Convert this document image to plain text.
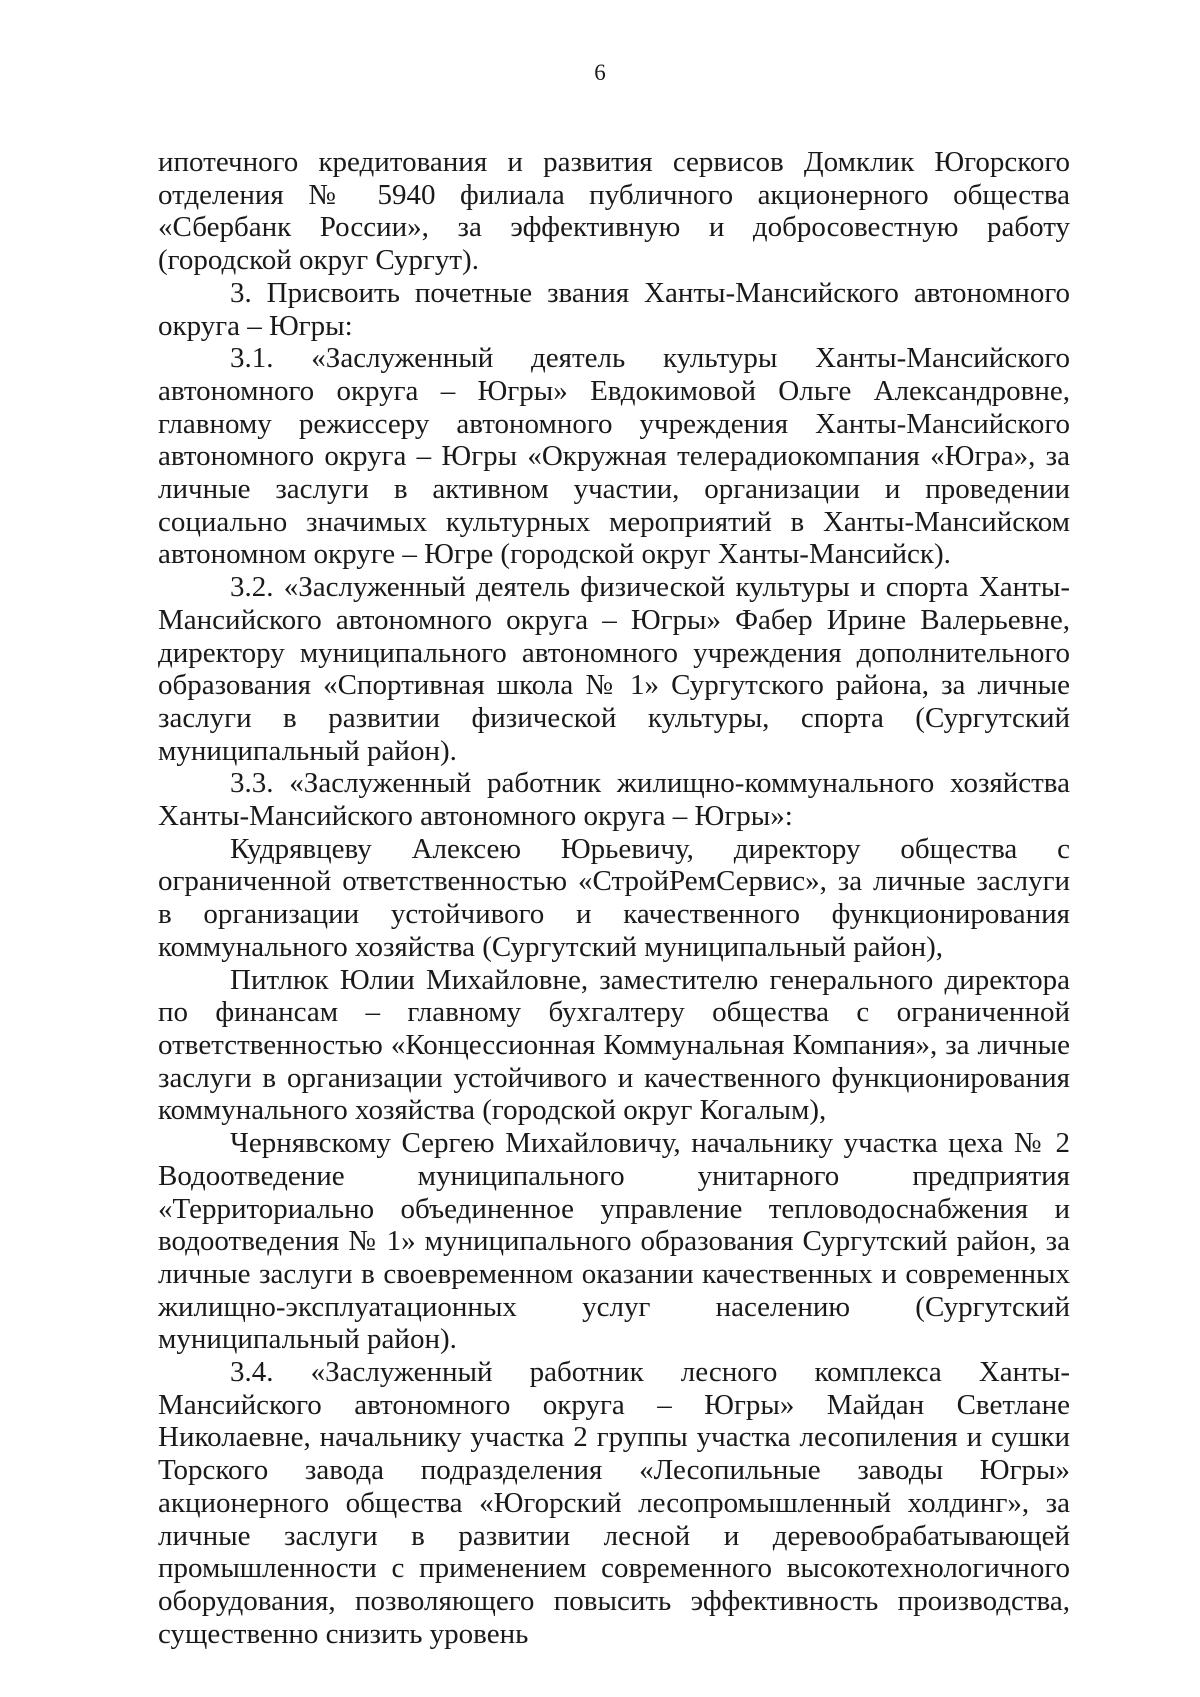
6

ипотечного кредитования и развития сервисов Домклик Югорского отделения № 5940 филиала публичного акционерного общества «Сбербанк России», за эффективную и добросовестную работу (городской округ Сургут).

3. Присвоить почетные звания Ханты-Мансийского автономного округа – Югры:

3.1. «Заслуженный деятель культуры Ханты-Мансийского автономного округа – Югры» Евдокимовой Ольге Александровне, главному режиссеру автономного учреждения Ханты-Мансийского автономного округа – Югры «Окружная телерадиокомпания «Югра», за личные заслуги в активном участии, организации и проведении социально значимых культурных мероприятий в Ханты-Мансийском автономном округе – Югре (городской округ Ханты-Мансийск).

3.2. «Заслуженный деятель физической культуры и спорта Ханты-Мансийского автономного округа – Югры» Фабер Ирине Валерьевне, директору муниципального автономного учреждения дополнительного образования «Спортивная школа № 1» Сургутского района, за личные заслуги в развитии физической культуры, спорта (Сургутский муниципальный район).

3.3. «Заслуженный работник жилищно-коммунального хозяйства Ханты-Мансийского автономного округа – Югры»:

Кудрявцеву Алексею Юрьевичу, директору общества с ограниченной ответственностью «СтройРемСервис», за личные заслуги в организации устойчивого и качественного функционирования коммунального хозяйства (Сургутский муниципальный район),

Питлюк Юлии Михайловне, заместителю генерального директора по финансам – главному бухгалтеру общества с ограниченной ответственностью «Концессионная Коммунальная Компания», за личные заслуги в организации устойчивого и качественного функционирования коммунального хозяйства (городской округ Когалым),

Чернявскому Сергею Михайловичу, начальнику участка цеха № 2 Водоотведение муниципального унитарного предприятия «Территориально объединенное управление тепловодоснабжения и водоотведения № 1» муниципального образования Сургутский район, за личные заслуги в своевременном оказании качественных и современных жилищно-эксплуатационных услуг населению (Сургутский муниципальный район).

3.4. «Заслуженный работник лесного комплекса Ханты-Мансийского автономного округа – Югры» Майдан Светлане Николаевне, начальнику участка 2 группы участка лесопиления и сушки Торского завода подразделения «Лесопильные заводы Югры» акционерного общества «Югорский лесопромышленный холдинг», за личные заслуги в развитии лесной и деревообрабатывающей промышленности с применением современного высокотехнологичного оборудования, позволяющего повысить эффективность производства, существенно снизить уровень
